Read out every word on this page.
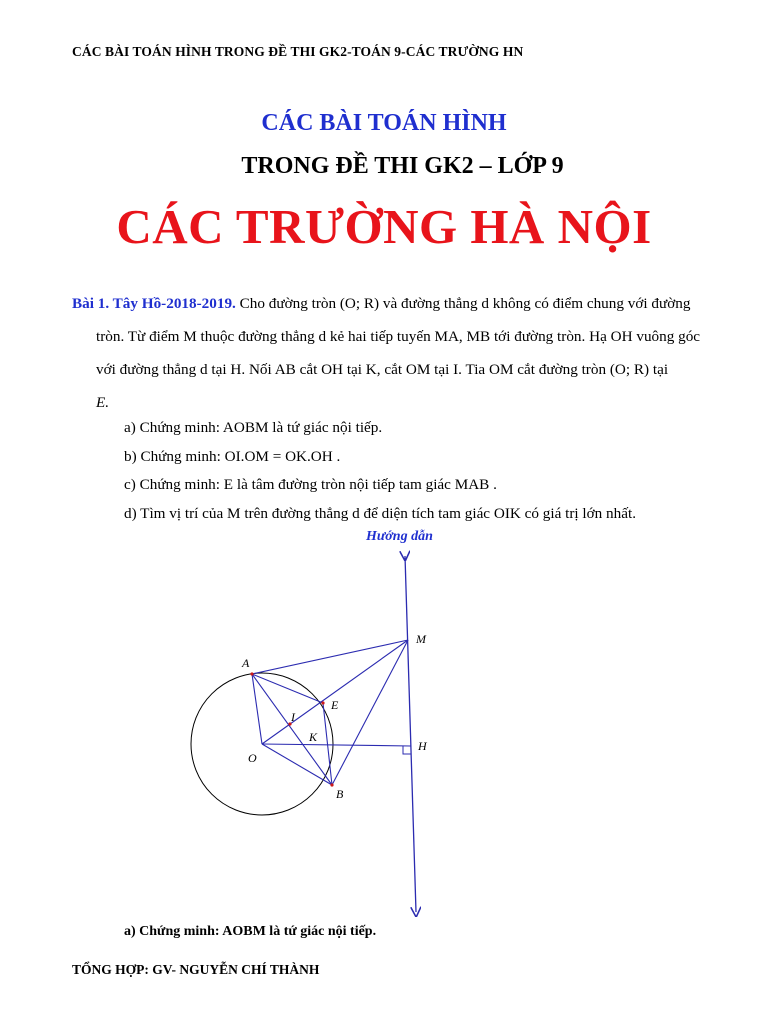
CÁC BÀI TOÁN HÌNH TRONG ĐỀ THI GK2-TOÁN 9-CÁC TRƯỜNG HN
CÁC BÀI TOÁN HÌNH
TRONG ĐỀ THI GK2 – LỚP 9
CÁC TRƯỜNG HÀ NỘI
Bài 1. Tây Hồ-2018-2019. Cho đường tròn (O; R) và đường thẳng d không có điểm chung với đường
tròn. Từ điểm M thuộc đường thẳng d kẻ hai tiếp tuyến MA, MB tới đường tròn. Hạ OH vuông góc
với đường thẳng d tại H. Nối AB cắt OH tại K, cắt OM tại I. Tia OM cắt đường tròn (O; R) tại
E.
a) Chứng minh: AOBM là tứ giác nội tiếp.
b) Chứng minh: OI.OM = OK.OH .
c) Chứng minh: E là tâm đường tròn nội tiếp tam giác MAB .
d) Tìm vị trí của M trên đường thẳng d để diện tích tam giác OIK có giá trị lớn nhất.
Hướng dẫn
A
M
E
I
K
H
O
B
a) Chứng minh: AOBM là tứ giác nội tiếp.
TỔNG HỢP: GV- NGUYỄN CHÍ THÀNH
